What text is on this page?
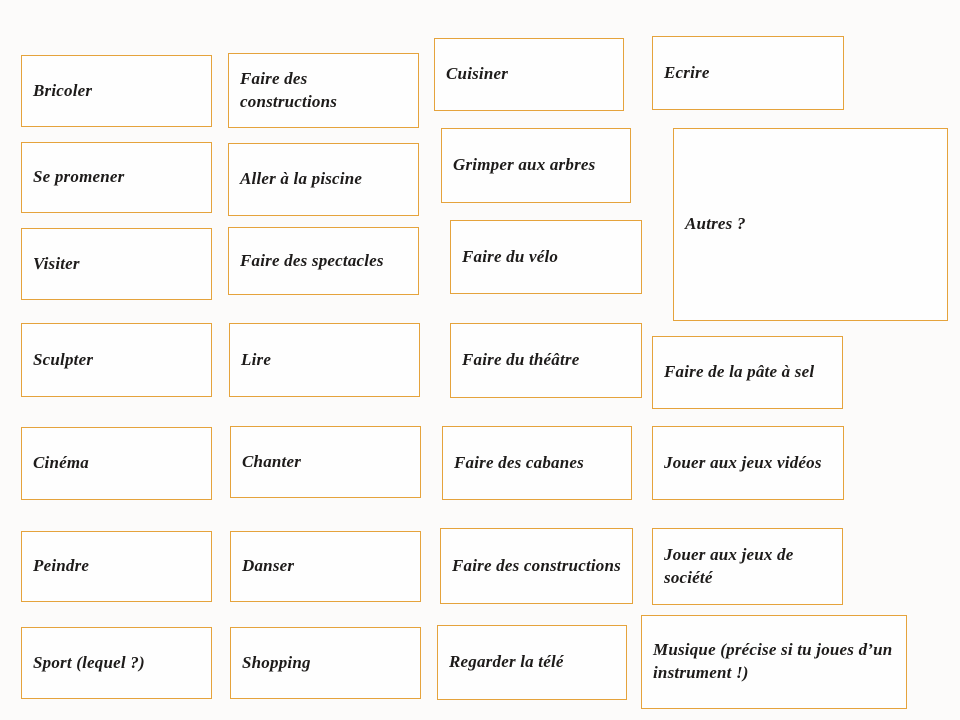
Bricoler
Se promener
Visiter
Sculpter
Cinéma
Peindre
Sport (lequel ?)
Faire des constructions
Aller à la piscine
Faire des spectacles
Lire
Chanter
Danser
Shopping
Cuisiner
Grimper aux arbres
Faire du vélo
Faire du théâtre
Faire des cabanes
Faire des constructions
Regarder la télé
Ecrire
Autres ?
Faire de la pâte à sel
Jouer aux jeux vidéos
Jouer aux jeux de société
Musique (précise si tu joues d’un instrument !)
